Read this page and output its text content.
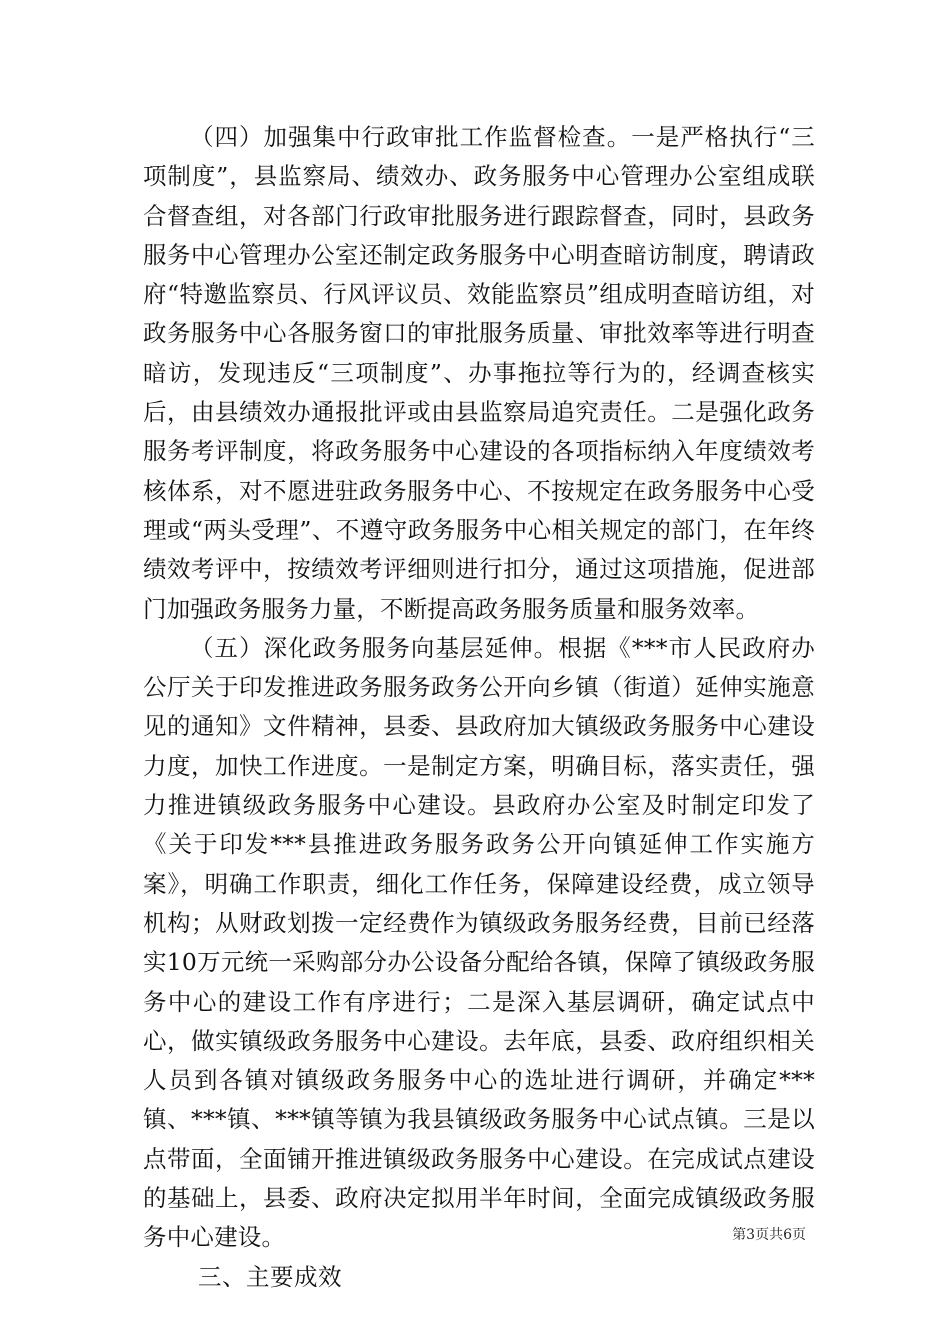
（四）加强集中行政审批工作监督检查。一是严格执行“三项制度”，县监察局、绩效办、政务服务中心管理办公室组成联合督查组，对各部门行政审批服务进行跟踪督查，同时，县政务服务中心管理办公室还制定政务服务中心明查暗访制度，聘请政府“特邀监察员、行风评议员、效能监察员”组成明查暗访组，对政务服务中心各服务窗口的审批服务质量、审批效率等进行明查暗访，发现违反“三项制度”、办事拖拉等行为的，经调查核实后，由县绩效办通报批评或由县监察局追究责任。二是强化政务服务考评制度，将政务服务中心建设的各项指标纳入年度绩效考核体系，对不愿进驻政务服务中心、不按规定在政务服务中心受理或“两头受理”、不遵守政务服务中心相关规定的部门，在年终绩效考评中，按绩效考评细则进行扣分，通过这项措施，促进部门加强政务服务力量，不断提高政务服务质量和服务效率。

（五）深化政务服务向基层延伸。根据《***市人民政府办公厅关于印发推进政务服务政务公开向乡镇（街道）延伸实施意见的通知》文件精神，县委、县政府加大镇级政务服务中心建设力度，加快工作进度。一是制定方案，明确目标，落实责任，强力推进镇级政务服务中心建设。县政府办公室及时制定印发了《关于印发***县推进政务服务政务公开向镇延伸工作实施方案》，明确工作职责，细化工作任务，保障建设经费，成立领导机构；从财政划拨一定经费作为镇级政务服务经费，目前已经落实10万元统一采购部分办公设备分配给各镇，保障了镇级政务服务中心的建设工作有序进行；二是深入基层调研，确定试点中心，做实镇级政务服务中心建设。去年底，县委、政府组织相关人员到各镇对镇级政务服务中心的选址进行调研，并确定***镇、***镇、***镇等镇为我县镇级政务服务中心试点镇。三是以点带面，全面铺开推进镇级政务服务中心建设。在完成试点建设的基础上，县委、政府决定拟用半年时间，全面完成镇级政务服务中心建设。

三、主要成效

第3页共6页
